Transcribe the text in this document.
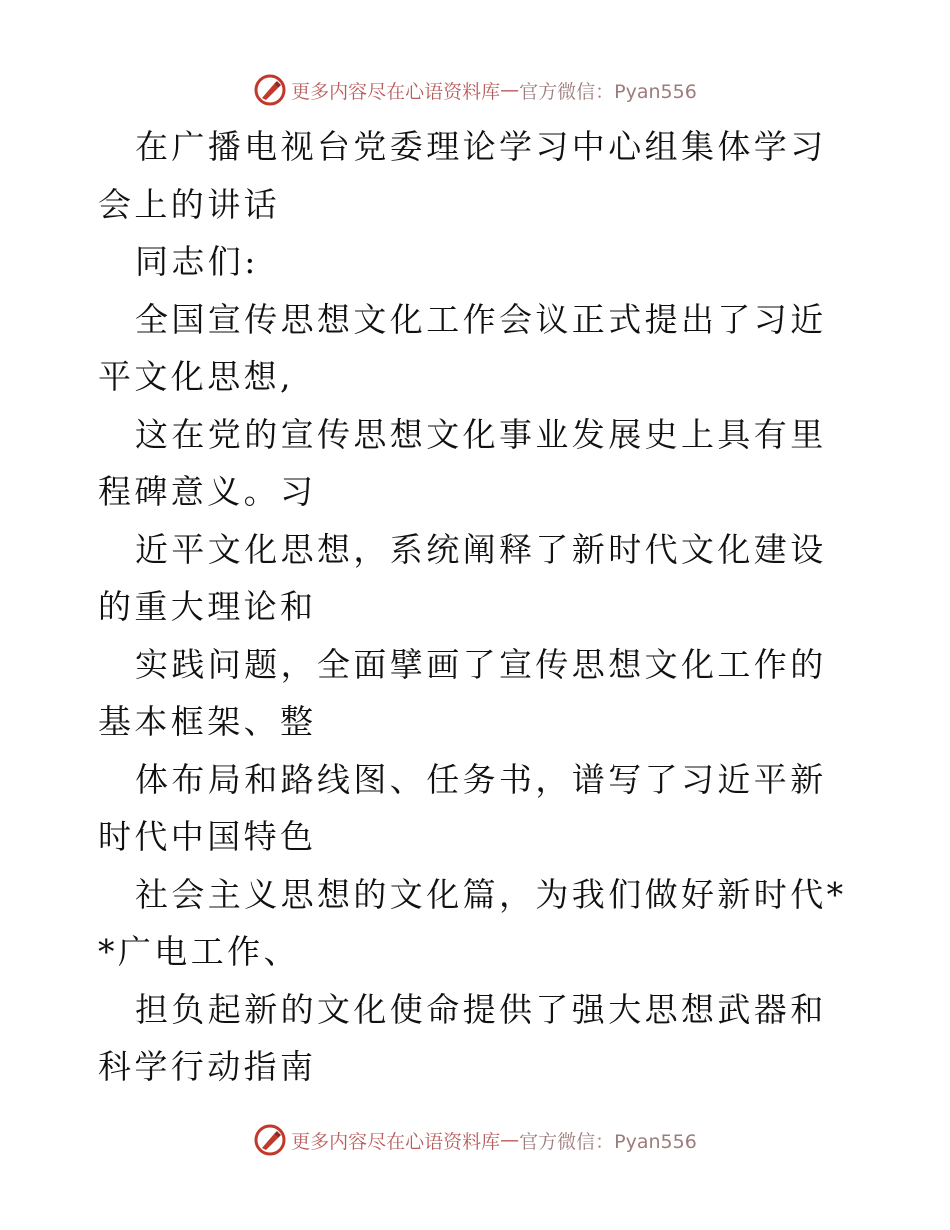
更多内容尽在心语资料库 — 官方微信：Pyan556

在广播电视台党委理论学习中心组集体学习会上的讲话

同志们:

全国宣传思想文化工作会议正式提出了习近平文化思想,

这在党的宣传思想文化事业发展史上具有里程碑意义。习

近平文化思想，系统阐释了新时代文化建设的重大理论和

实践问题，全面擘画了宣传思想文化工作的基本框架、整

体布局和路线图、任务书，谱写了习近平新时代中国特色

社会主义思想的文化篇，为我们做好新时代**广电工作、

担负起新的文化使命提供了强大思想武器和科学行动指南

更多内容尽在心语资料库 — 官方微信：Pyan556
